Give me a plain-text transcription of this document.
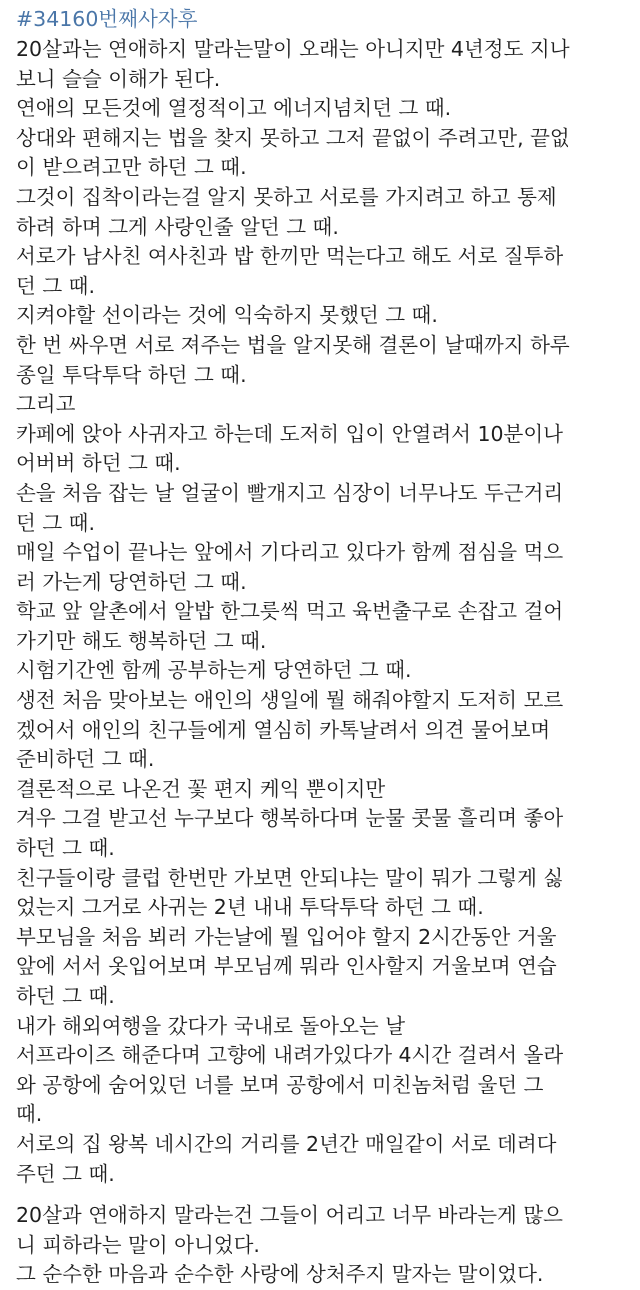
#34160번째사자후

20살과는 연애하지 말라는말이 오래는 아니지만 4년정도 지나
보니 슬슬 이해가 된다.
연애의 모든것에 열정적이고 에너지넘치던 그 때.
상대와 편해지는 법을 찾지 못하고 그저 끝없이 주려고만, 끝없
이 받으려고만 하던 그 때.
그것이 집착이라는걸 알지 못하고 서로를 가지려고 하고 통제
하려 하며 그게 사랑인줄 알던 그 때.
서로가 남사친 여사친과 밥 한끼만 먹는다고 해도 서로 질투하
던 그 때.
지켜야할 선이라는 것에 익숙하지 못했던 그 때.
한 번 싸우면 서로 져주는 법을 알지못해 결론이 날때까지 하루
종일 투닥투닥 하던 그 때.
그리고
카페에 앉아 사귀자고 하는데 도저히 입이 안열려서 10분이나
어버버 하던 그 때.
손을 처음 잡는 날 얼굴이 빨개지고 심장이 너무나도 두근거리
던 그 때.
매일 수업이 끝나는 앞에서 기다리고 있다가 함께 점심을 먹으
러 가는게 당연하던 그 때.
학교 앞 알촌에서 알밥 한그릇씩 먹고 육번출구로 손잡고 걸어
가기만 해도 행복하던 그 때.
시험기간엔 함께 공부하는게 당연하던 그 때.
생전 처음 맞아보는 애인의 생일에 뭘 해줘야할지 도저히 모르
겠어서 애인의 친구들에게 열심히 카톡날려서 의견 물어보며
준비하던 그 때.
결론적으로 나온건 꽃 편지 케익 뿐이지만
겨우 그걸 받고선 누구보다 행복하다며 눈물 콧물 흘리며 좋아
하던 그 때.
친구들이랑 클럽 한번만 가보면 안되냐는 말이 뭐가 그렇게 싫
었는지 그거로 사귀는 2년 내내 투닥투닥 하던 그 때.
부모님을 처음 뵈러 가는날에 뭘 입어야 할지 2시간동안 거울
앞에 서서 옷입어보며 부모님께 뭐라 인사할지 거울보며 연습
하던 그 때.
내가 해외여행을 갔다가 국내로 돌아오는 날
서프라이즈 해준다며 고향에 내려가있다가 4시간 걸려서 올라
와 공항에 숨어있던 너를 보며 공항에서 미친놈처럼 울던 그
때.
서로의 집 왕복 네시간의 거리를 2년간 매일같이 서로 데려다
주던 그 때.
20살과 연애하지 말라는건 그들이 어리고 너무 바라는게 많으
니 피하라는 말이 아니었다.
그 순수한 마음과 순수한 사랑에 상처주지 말자는 말이었다.
